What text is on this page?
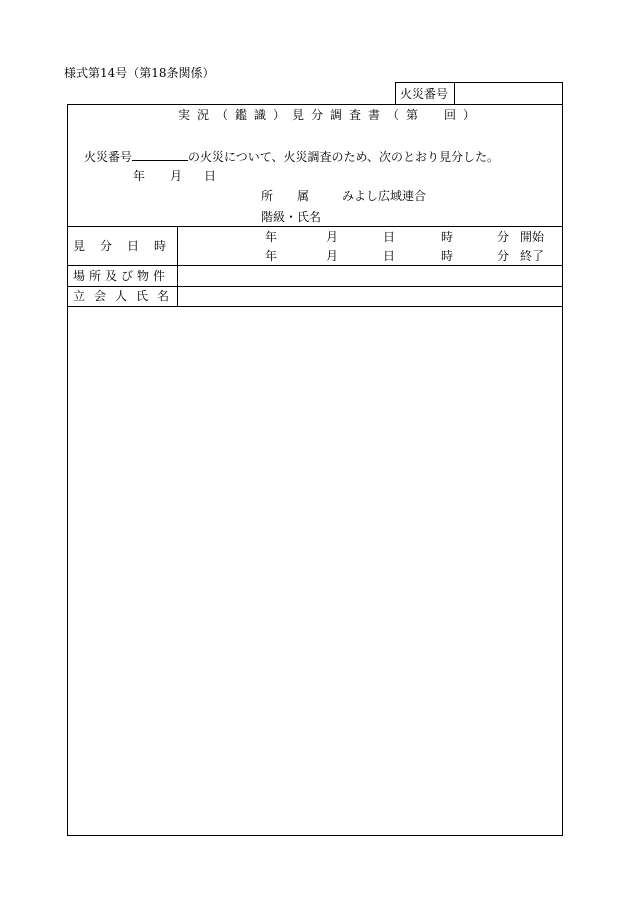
様式第14号（第18条関係）
火災番号
実況（鑑識）見分調査書（第　回）
火災番号	の火災について、火災調査のため、次のとおり見分した。
年 月 日
所　　属	みよし広域連合
階級・氏名
見分日時
年	月	日	時	分 開始
年	月	日	時	分 終了
場所及び物件
立会人氏名
